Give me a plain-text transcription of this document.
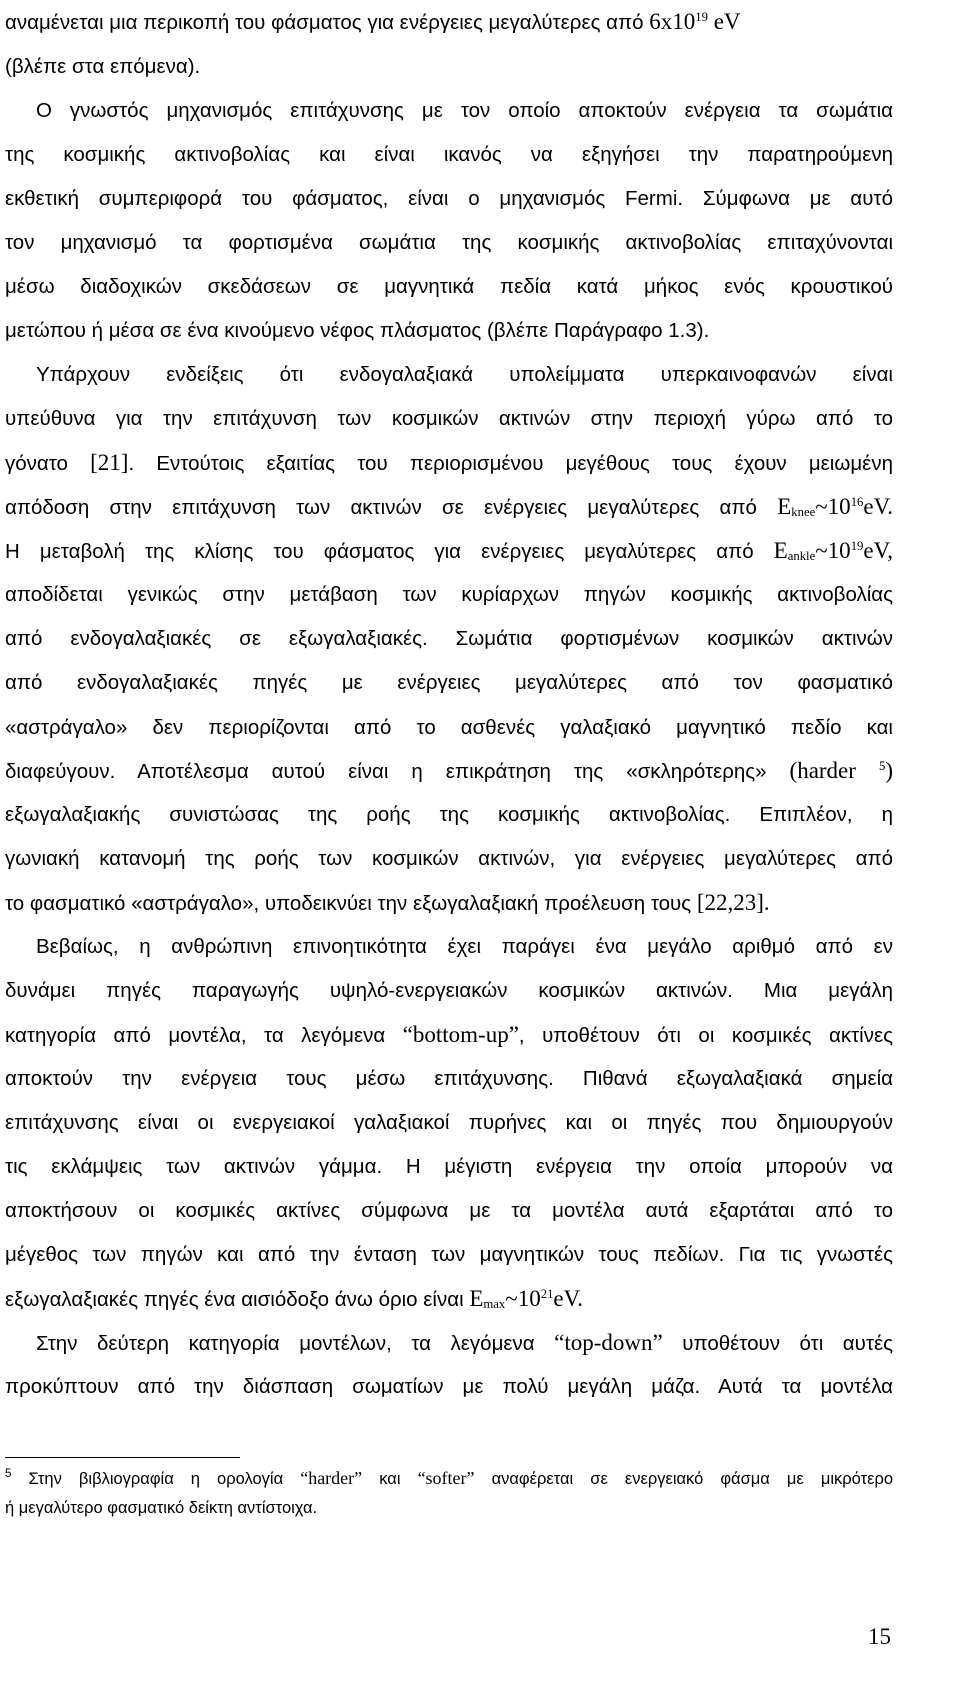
αναμένεται μια περικοπή του φάσματος για ενέργειες μεγαλύτερες από $6x10^{19}$ eV
(βλέπε στα επόμενα).
Ο γνωστός μηχανισμός επιτάχυνσης με τον οποίο αποκτούν ενέργεια τα σωμάτια
της κοσμικής ακτινοβολίας και είναι ικανός να εξηγήσει την παρατηρούμενη
εκθετική συμπεριφορά του φάσματος, είναι ο μηχανισμός Fermi. Σύμφωνα με αυτό
τον μηχανισμό τα φορτισμένα σωμάτια της κοσμικής ακτινοβολίας επιταχύνονται
μέσω διαδοχικών σκεδάσεων σε μαγνητικά πεδία κατά μήκος ενός κρουστικού
μετώπου ή μέσα σε ένα κινούμενο νέφος πλάσματος (βλέπε Παράγραφο 1.3).
Υπάρχουν ενδείξεις ότι ενδογαλαξιακά υπολείμματα υπερκαινοφανών είναι
υπεύθυνα για την επιτάχυνση των κοσμικών ακτινών στην περιοχή γύρω από το
γόνατο [21]. Εντούτοις εξαιτίας του περιορισμένου μεγέθους τους έχουν μειωμένη
απόδοση στην επιτάχυνση των ακτινών σε ενέργειες μεγαλύτερες από $Eknee\sim 10^{16}eV$.
Η μεταβολή της κλίσης του φάσματος για ενέργειες μεγαλύτερες από $Eankle\sim 10^{19}eV$,
αποδίδεται γενικώς στην μετάβαση των κυρίαρχων πηγών κοσμικής ακτινοβολίας
από ενδογαλαξιακές σε εξωγαλαξιακές. Σωμάτια φορτισμένων κοσμικών ακτινών
από ενδογαλαξιακές πηγές με ενέργειες μεγαλύτερες από τον φασματικό
«αστράγαλο» δεν περιορίζονται από το ασθενές γαλαξιακό μαγνητικό πεδίο και
διαφεύγουν. Αποτέλεσμα αυτού είναι η επικράτηση της «σκληρότερης» (harder $^5$)
εξωγαλαξιακής συνιστώσας της ροής της κοσμικής ακτινοβολίας. Επιπλέον, η
γωνιακή κατανομή της ροής των κοσμικών ακτινών, για ενέργειες μεγαλύτερες από
το φασματικό «αστράγαλο», υποδεικνύει την εξωγαλαξιακή προέλευση τους [22,23].
Βεβαίως, η ανθρώπινη επινοητικότητα έχει παράγει ένα μεγάλο αριθμό από εν
δυνάμει πηγές παραγωγής υψηλό-ενεργειακών κοσμικών ακτινών. Μια μεγάλη
κατηγορία από μοντέλα, τα λεγόμενα “bottom-up”, υποθέτουν ότι οι κοσμικές ακτίνες
αποκτούν την ενέργεια τους μέσω επιτάχυνσης. Πιθανά εξωγαλαξιακά σημεία
επιτάχυνσης είναι οι ενεργειακοί γαλαξιακοί πυρήνες και οι πηγές που δημιουργούν
τις εκλάμψεις των ακτινών γάμμα. Η μέγιστη ενέργεια την οποία μπορούν να
αποκτήσουν οι κοσμικές ακτίνες σύμφωνα με τα μοντέλα αυτά εξαρτάται από το
μέγεθος των πηγών και από την ένταση των μαγνητικών τους πεδίων. Για τις γνωστές
εξωγαλαξιακές πηγές ένα αισιόδοξο άνω όριο είναι $Emax\sim 10^{21}eV$.
Στην δεύτερη κατηγορία μοντέλων, τα λεγόμενα “top-down” υποθέτουν ότι αυτές
προκύπτουν από την διάσπαση σωματίων με πολύ μεγάλη μάζα. Αυτά τα μοντέλα
$^5$ Στην βιβλιογραφία η ορολογία “harder” και “softer” αναφέρεται σε ενεργειακό φάσμα με μικρότερο
ή μεγαλύτερο φασματικό δείκτη αντίστοιχα.
15
